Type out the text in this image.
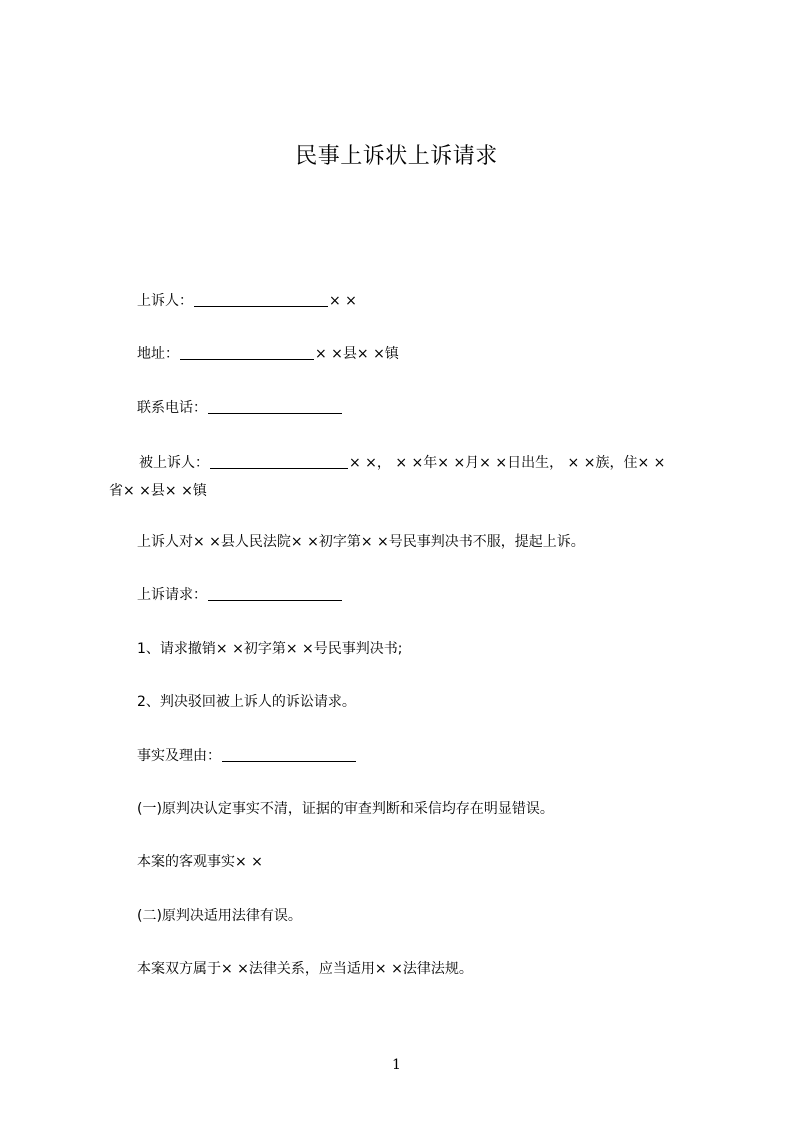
民事上诉状上诉请求
上诉人：	× ×
地址：	× ×县× ×镇
联系电话：
被上诉人：	× ×， × ×年× ×月× ×日出生， × ×族，住× ×省× ×县× ×镇
上诉人对× ×县人民法院× ×初字第× ×号民事判决书不服，提起上诉。
上诉请求：
1、请求撤销× ×初字第× ×号民事判决书;
2、判决驳回被上诉人的诉讼请求。
事实及理由：
(一)原判决认定事实不清，证据的审查判断和采信均存在明显错误。
本案的客观事实× ×
(二)原判决适用法律有误。
本案双方属于× ×法律关系，应当适用× ×法律法规。
1
